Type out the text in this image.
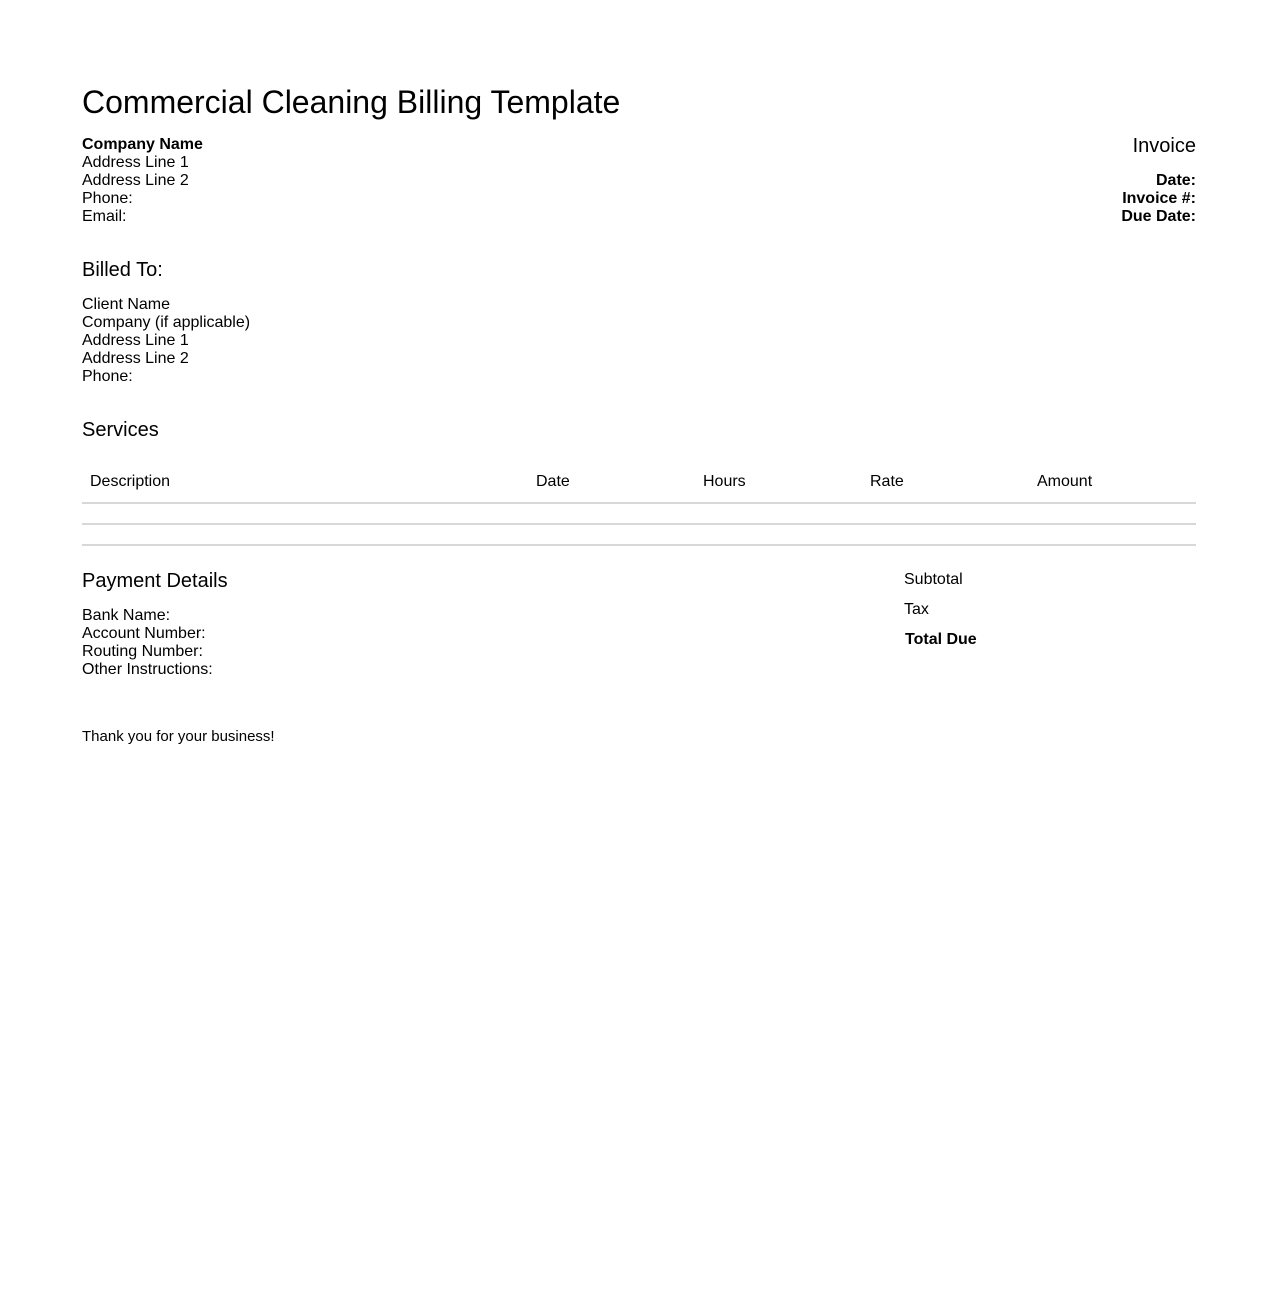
Commercial Cleaning Billing Template
Company Name
Address Line 1
Address Line 2
Phone:
Email:
Invoice
Date:
Invoice #:
Due Date:
Billed To:
Client Name
Company (if applicable)
Address Line 1
Address Line 2
Phone:
Services
Description	Date	Hours	Rate	Amount

Payment Details
Bank Name:
Account Number:
Routing Number:
Other Instructions:
Subtotal
Tax
Total Due
Thank you for your business!
